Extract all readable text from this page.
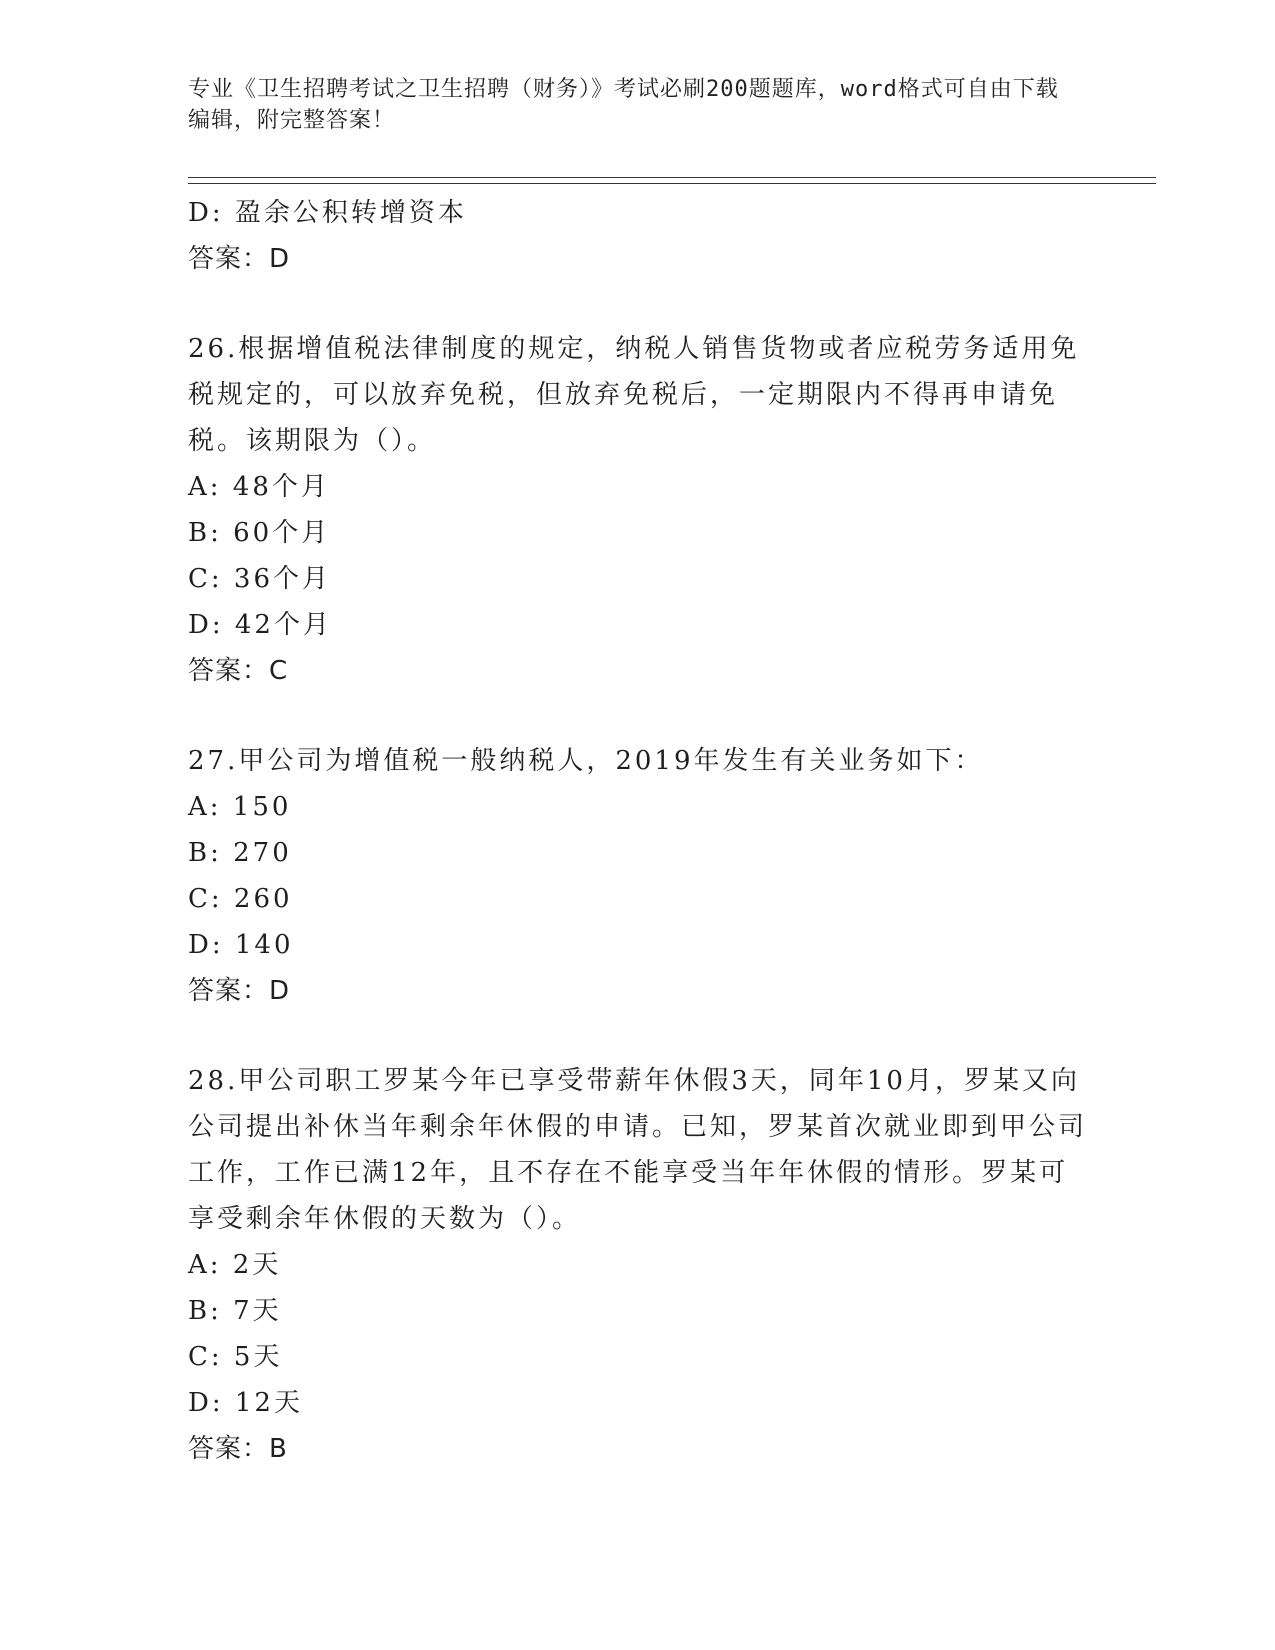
专业《卫生招聘考试之卫生招聘（财务）》考试必刷200题题库，word格式可自由下载编辑，附完整答案！
D: 盈余公积转增资本
答案：D
26.根据增值税法律制度的规定，纳税人销售货物或者应税劳务适用免税规定的，可以放弃免税，但放弃免税后，一定期限内不得再申请免税。该期限为（）。
A: 48个月
B: 60个月
C: 36个月
D: 42个月
答案：C
27.甲公司为增值税一般纳税人，2019年发生有关业务如下：
A: 150
B: 270
C: 260
D: 140
答案：D
28.甲公司职工罗某今年已享受带薪年休假3天，同年10月，罗某又向公司提出补休当年剩余年休假的申请。已知，罗某首次就业即到甲公司工作，工作已满12年，且不存在不能享受当年年休假的情形。罗某可享受剩余年休假的天数为（）。
A: 2天
B: 7天
C: 5天
D: 12天
答案：B
